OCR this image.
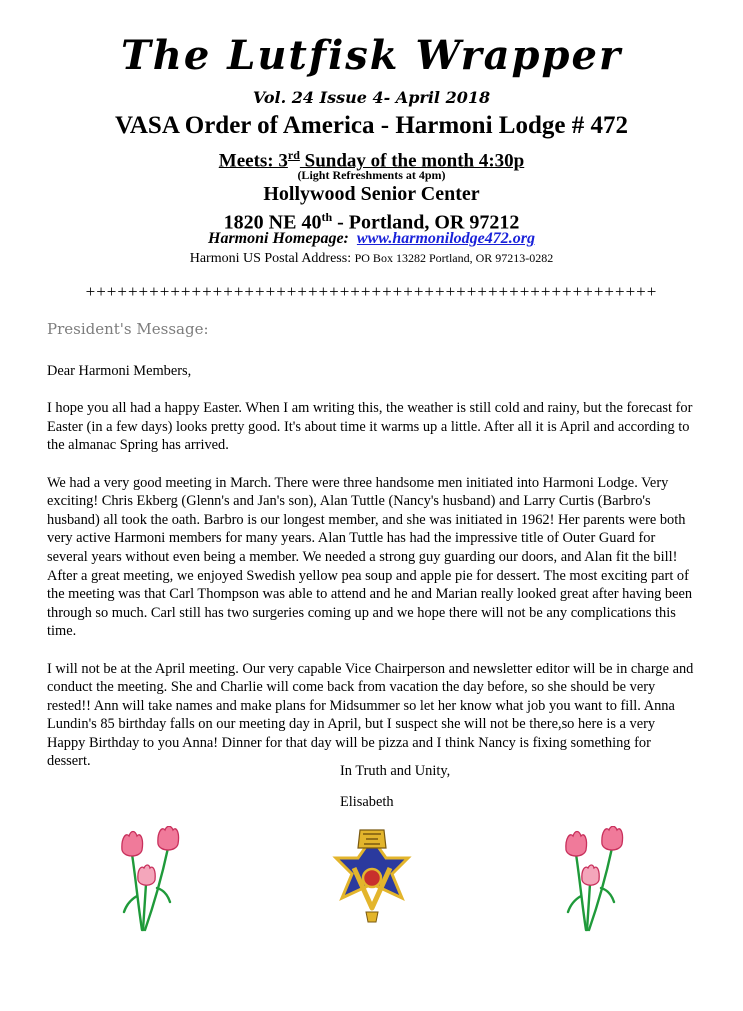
The Lutfisk Wrapper
Vol. 24 Issue 4- April 2018
VASA Order of America - Harmoni Lodge # 472
Meets: 3rd Sunday of the month 4:30p
(Light Refreshments at 4pm)
Hollywood Senior Center
1820 NE 40th - Portland, OR 97212
Harmoni Homepage: www.harmonilodge472.org
Harmoni US Postal Address: PO Box 13282 Portland, OR 97213-0282
++++++++++++++++++++++++++++++++++++++++++++++++++++++
President's Message:

Dear Harmoni Members,

I hope you all had a happy Easter. When I am writing this, the weather is still cold and rainy, but the forecast for Easter (in a few days) looks pretty good. It's about time it warms up a little. After all it is April and according to the almanac Spring has arrived.

We had a very good meeting in March. There were three handsome men initiated into Harmoni Lodge. Very exciting! Chris Ekberg (Glenn's and Jan's son), Alan Tuttle (Nancy's husband) and Larry Curtis (Barbro's husband) all took the oath. Barbro is our longest member, and she was initiated in 1962! Her parents were both very active Harmoni members for many years. Alan Tuttle has had the impressive title of Outer Guard for several years without even being a member. We needed a strong guy guarding our doors, and Alan fit the bill! After a great meeting, we enjoyed Swedish yellow pea soup and apple pie for dessert. The most exciting part of the meeting was that Carl Thompson was able to attend and he and Marian really looked great after having been through so much. Carl still has two surgeries coming up and we hope there will not be any complications this time.

I will not be at the April meeting. Our very capable Vice Chairperson and newsletter editor will be in charge and conduct the meeting. She and Charlie will come back from vacation the day before, so she should be very rested!! Ann will take names and make plans for Midsummer so let her know what job you want to fill. Anna Lundin's 85 birthday falls on our meeting day in April, but I suspect she will not be there,so here is a very Happy Birthday to you Anna! Dinner for that day will be pizza and I think Nancy is fixing something for dessert.

In Truth and Unity,
Elisabeth
